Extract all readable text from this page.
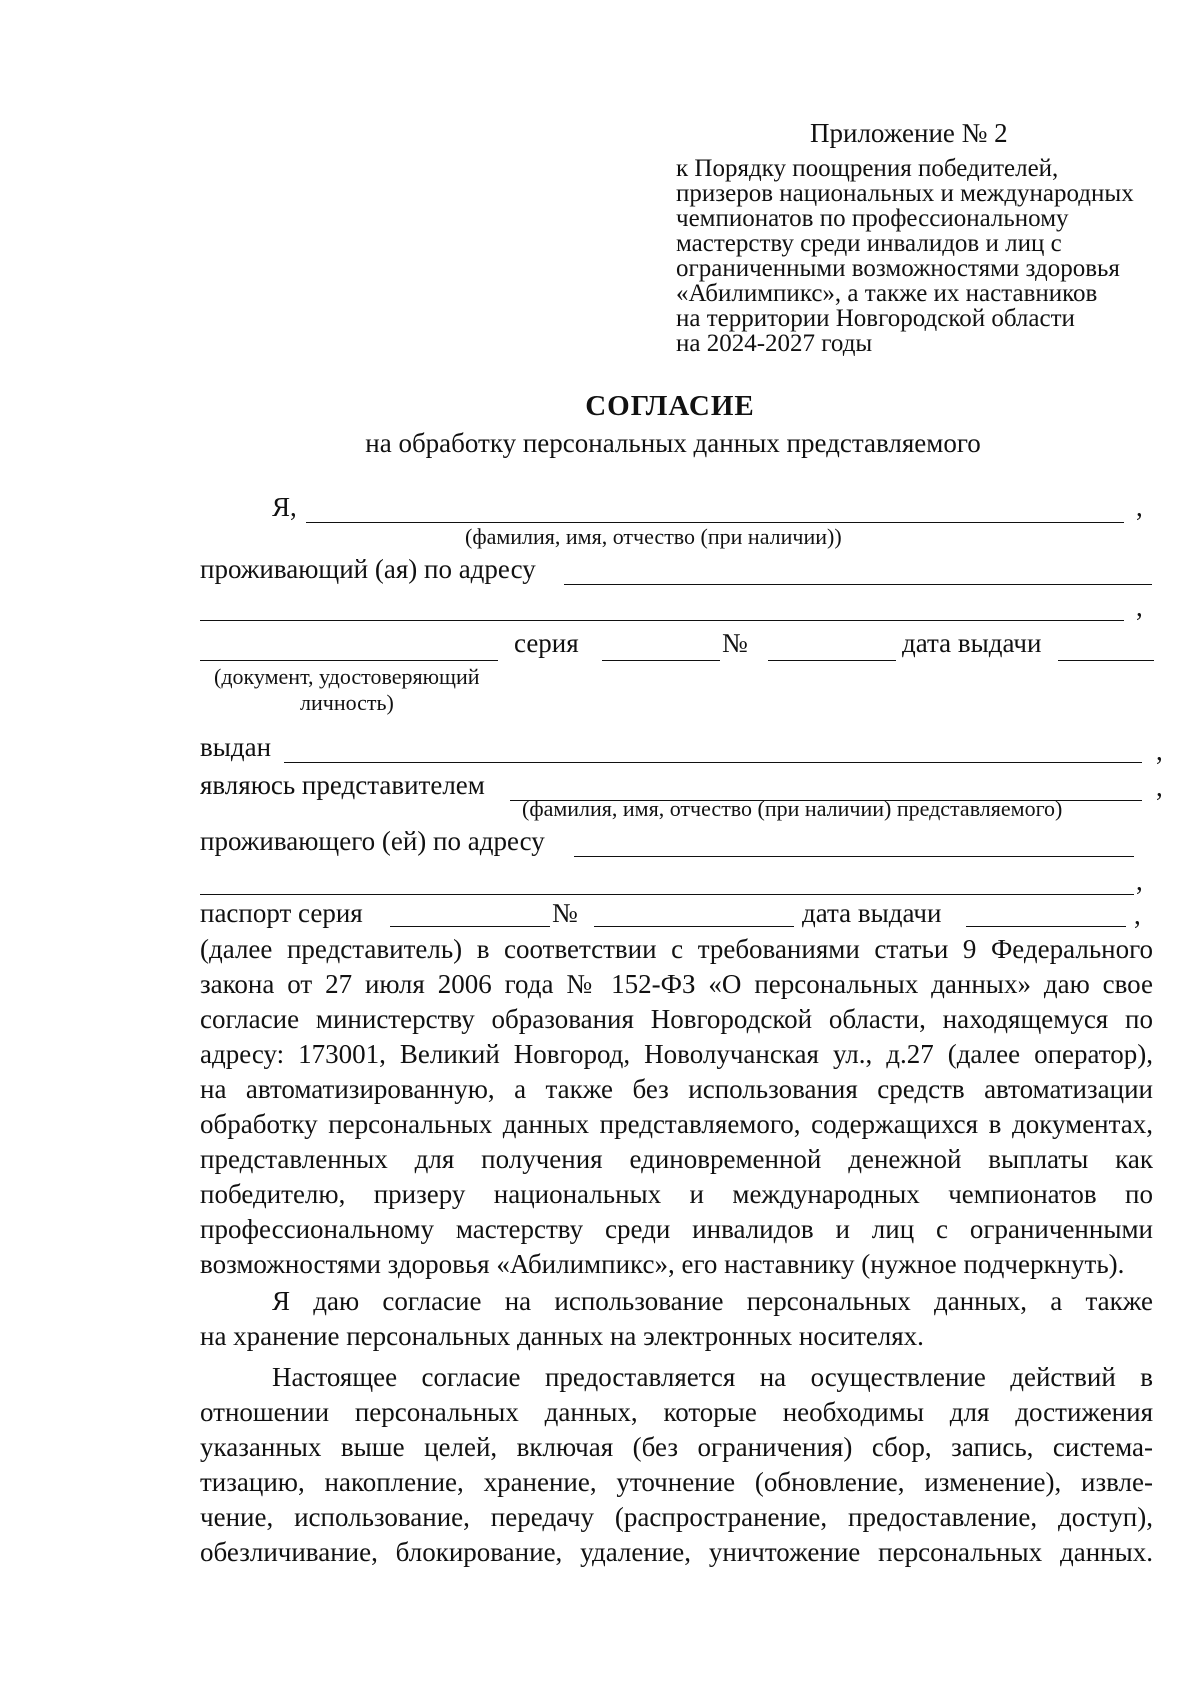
Приложение № 2
к Порядку поощрения победителей,
призеров национальных и международных
чемпионатов по профессиональному
мастерству среди инвалидов и лиц с
ограниченными возможностями здоровья
«Абилимпикс», а также их наставников
на территории Новгородской области
на 2024-2027 годы
СОГЛАСИЕ
на обработку персональных данных представляемого
Я,	,
(фамилия, имя, отчество (при наличии))
проживающий (ая) по адресу
,
серия	№	дата выдачи
(документ, удостоверяющий
личность)
выдан	,
являюсь представителем	,
(фамилия, имя, отчество (при наличии) представляемого)
проживающего (ей) по адресу
,
паспорт серия	№	дата выдачи	,
(далее представитель) в соответствии с требованиями статьи 9 Федерального
закона от 27 июля 2006 года № 152-ФЗ «О персональных данных» даю свое
согласие министерству образования Новгородской области, находящемуся по
адресу: 173001, Великий Новгород, Новолучанская ул., д.27 (далее оператор),
на автоматизированную, а также без использования средств автоматизации
обработку персональных данных представляемого, содержащихся в документах,
представленных для получения единовременной денежной выплаты как
победителю, призеру национальных и международных чемпионатов по
профессиональному мастерству среди инвалидов и лиц с ограниченными
возможностями здоровья «Абилимпикс», его наставнику (нужное подчеркнуть).
Я даю согласие на использование персональных данных, а также
на хранение персональных данных на электронных носителях.
Настоящее согласие предоставляется на осуществление действий в
отношении персональных данных, которые необходимы для достижения
указанных выше целей, включая (без ограничения) сбор, запись, система-
тизацию, накопление, хранение, уточнение (обновление, изменение), извле-
чение, использование, передачу (распространение, предоставление, доступ),
обезличивание, блокирование, удаление, уничтожение персональных данных.
